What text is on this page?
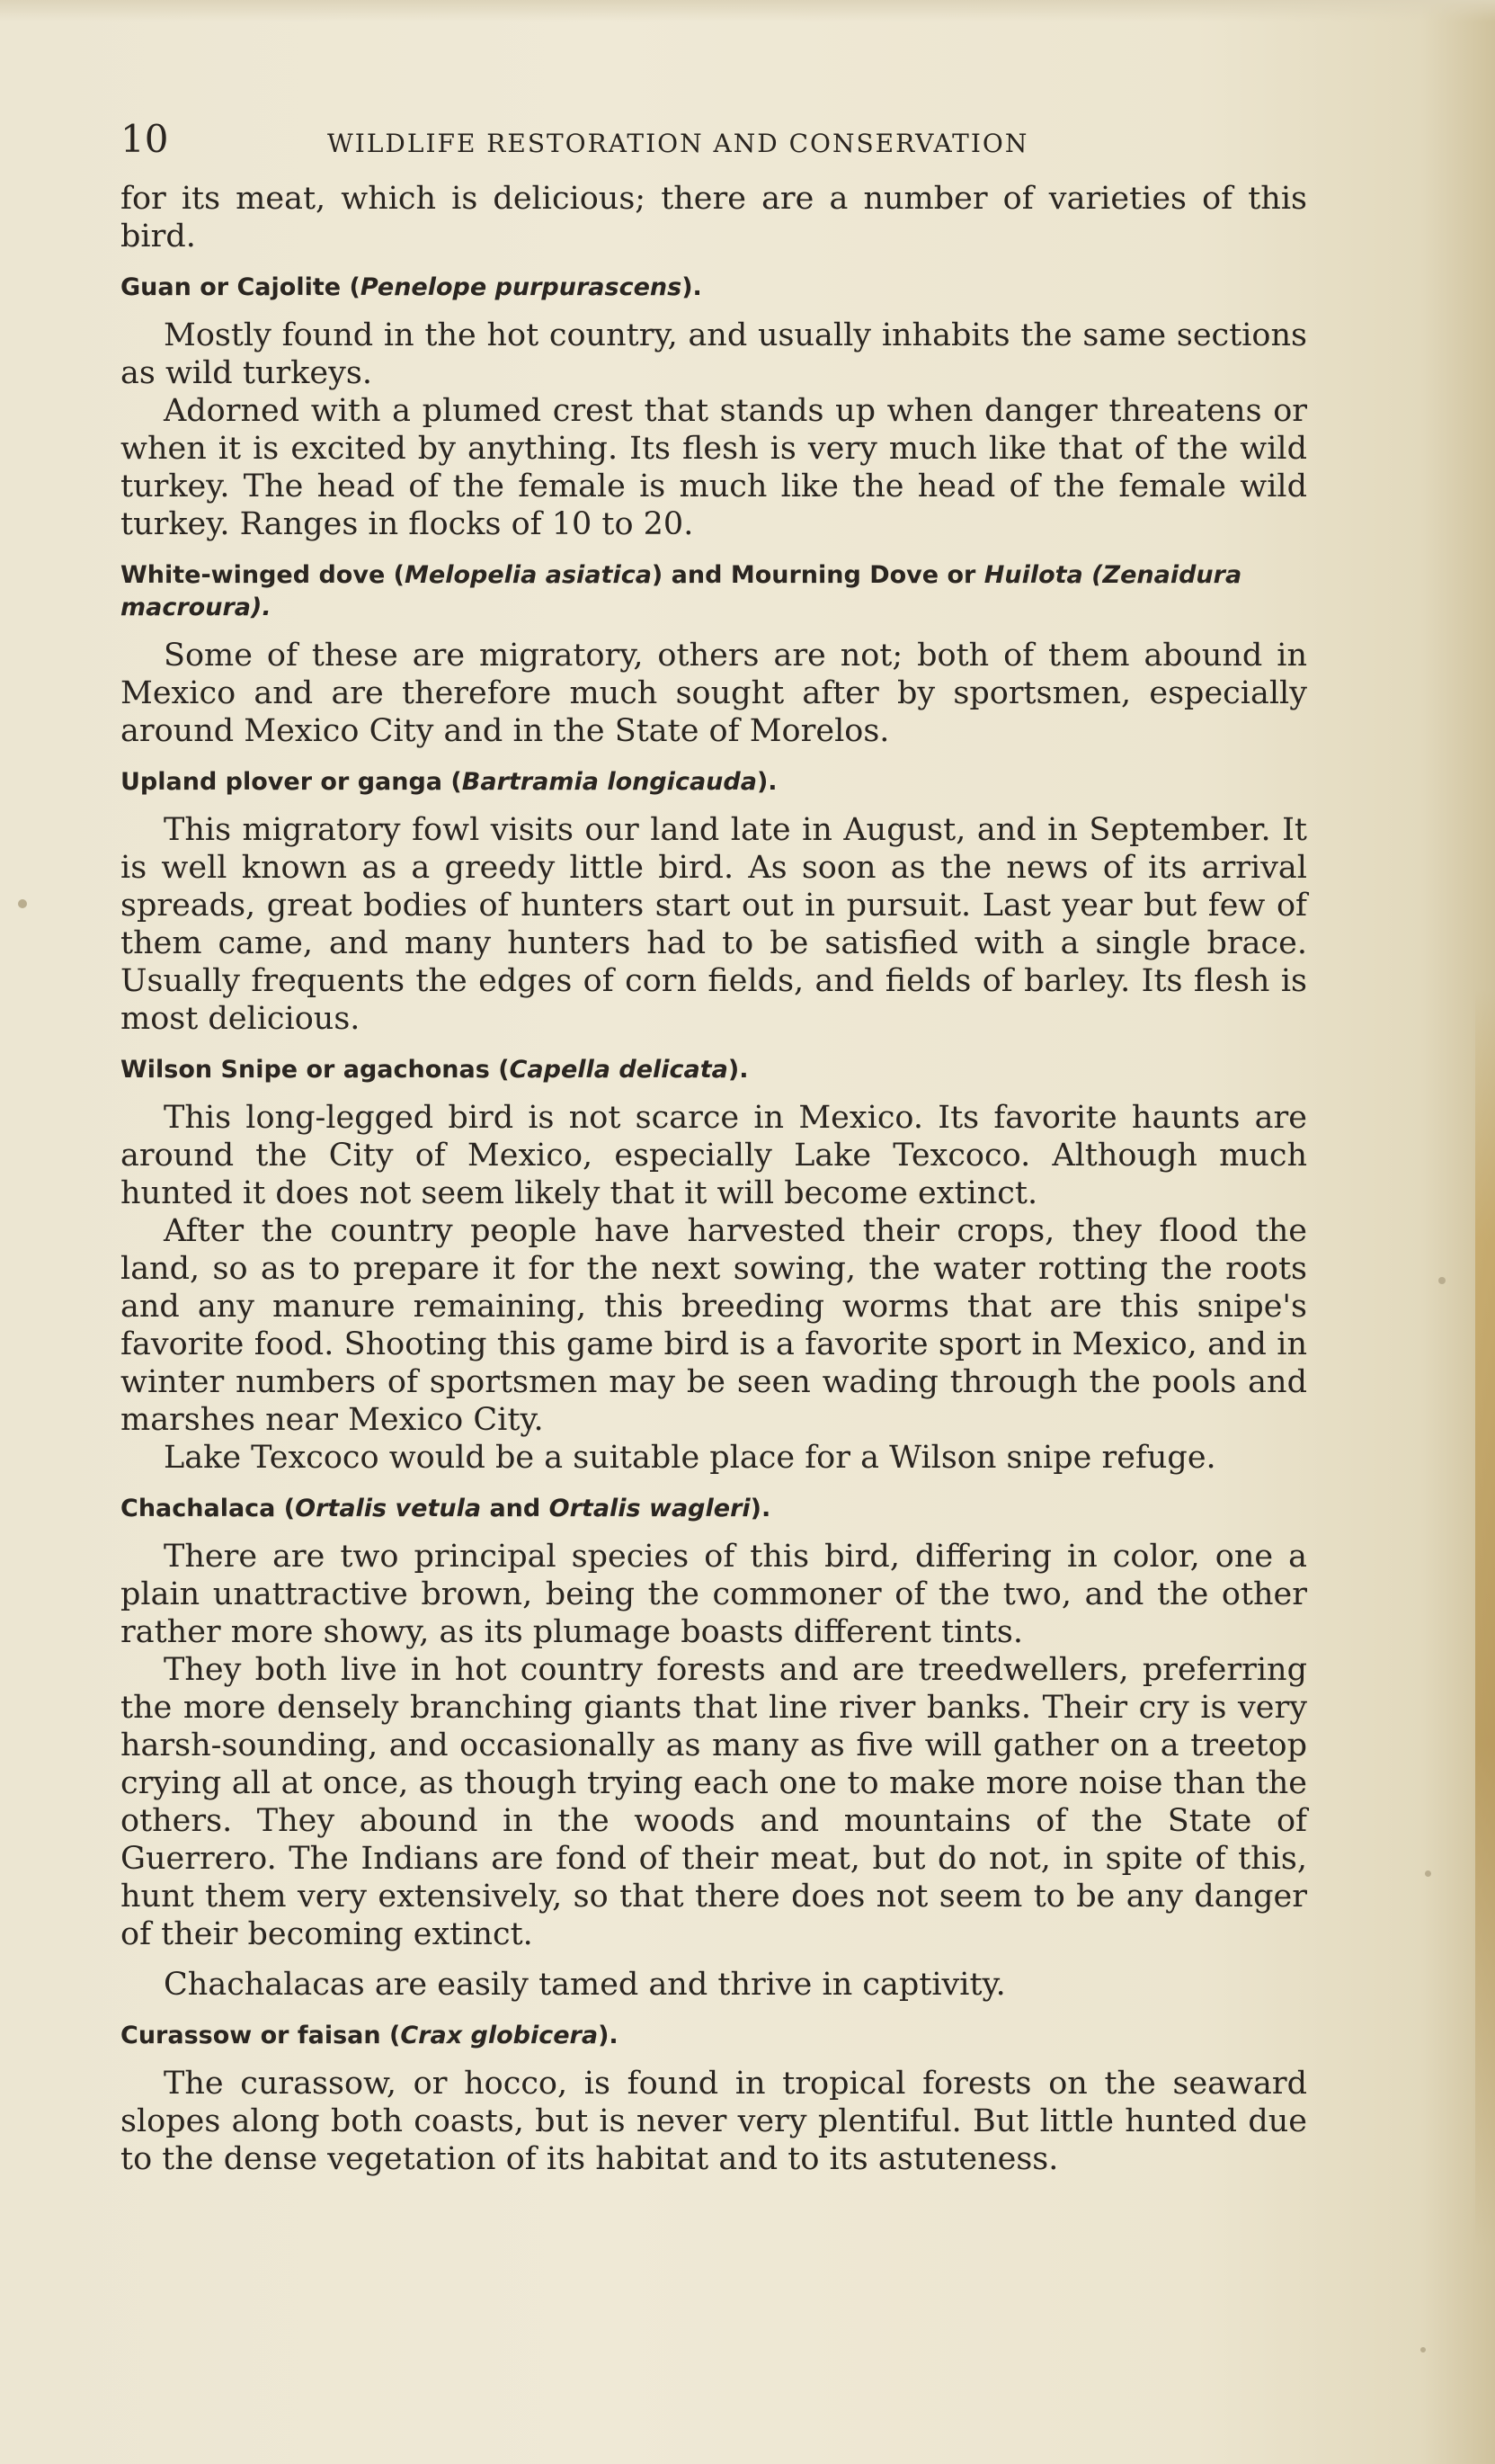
10	WILDLIFE RESTORATION AND CONSERVATION

for its meat, which is delicious; there are a number of varieties of this bird.

Guan or Cajolite (Penelope purpurascens).

Mostly found in the hot country, and usually inhabits the same sections as wild turkeys.

Adorned with a plumed crest that stands up when danger threatens or when it is excited by anything. Its flesh is very much like that of the wild turkey. The head of the female is much like the head of the female wild turkey. Ranges in flocks of 10 to 20.

White-winged dove (Melopelia asiatica) and Mourning Dove or Huilota (Zenaidura macroura).

Some of these are migratory, others are not; both of them abound in Mexico and are therefore much sought after by sportsmen, especially around Mexico City and in the State of Morelos.

Upland plover or ganga (Bartramia longicauda).

This migratory fowl visits our land late in August, and in September. It is well known as a greedy little bird. As soon as the news of its arrival spreads, great bodies of hunters start out in pursuit. Last year but few of them came, and many hunters had to be satisfied with a single brace. Usually frequents the edges of corn fields, and fields of barley. Its flesh is most delicious.

Wilson Snipe or agachonas (Capella delicata).

This long-legged bird is not scarce in Mexico. Its favorite haunts are around the City of Mexico, especially Lake Texcoco. Although much hunted it does not seem likely that it will become extinct.

After the country people have harvested their crops, they flood the land, so as to prepare it for the next sowing, the water rotting the roots and any manure remaining, this breeding worms that are this snipe's favorite food. Shooting this game bird is a favorite sport in Mexico, and in winter numbers of sportsmen may be seen wading through the pools and marshes near Mexico City.

Lake Texcoco would be a suitable place for a Wilson snipe refuge.

Chachalaca (Ortalis vetula and Ortalis wagleri).

There are two principal species of this bird, differing in color, one a plain unattractive brown, being the commoner of the two, and the other rather more showy, as its plumage boasts different tints.

They both live in hot country forests and are treedwellers, preferring the more densely branching giants that line river banks. Their cry is very harsh-sounding, and occasionally as many as five will gather on a treetop crying all at once, as though trying each one to make more noise than the others. They abound in the woods and mountains of the State of Guerrero. The Indians are fond of their meat, but do not, in spite of this, hunt them very extensively, so that there does not seem to be any danger of their becoming extinct.

Chachalacas are easily tamed and thrive in captivity.

Curassow or faisan (Crax globicera).

The curassow, or hocco, is found in tropical forests on the seaward slopes along both coasts, but is never very plentiful. But little hunted due to the dense vegetation of its habitat and to its astuteness.
